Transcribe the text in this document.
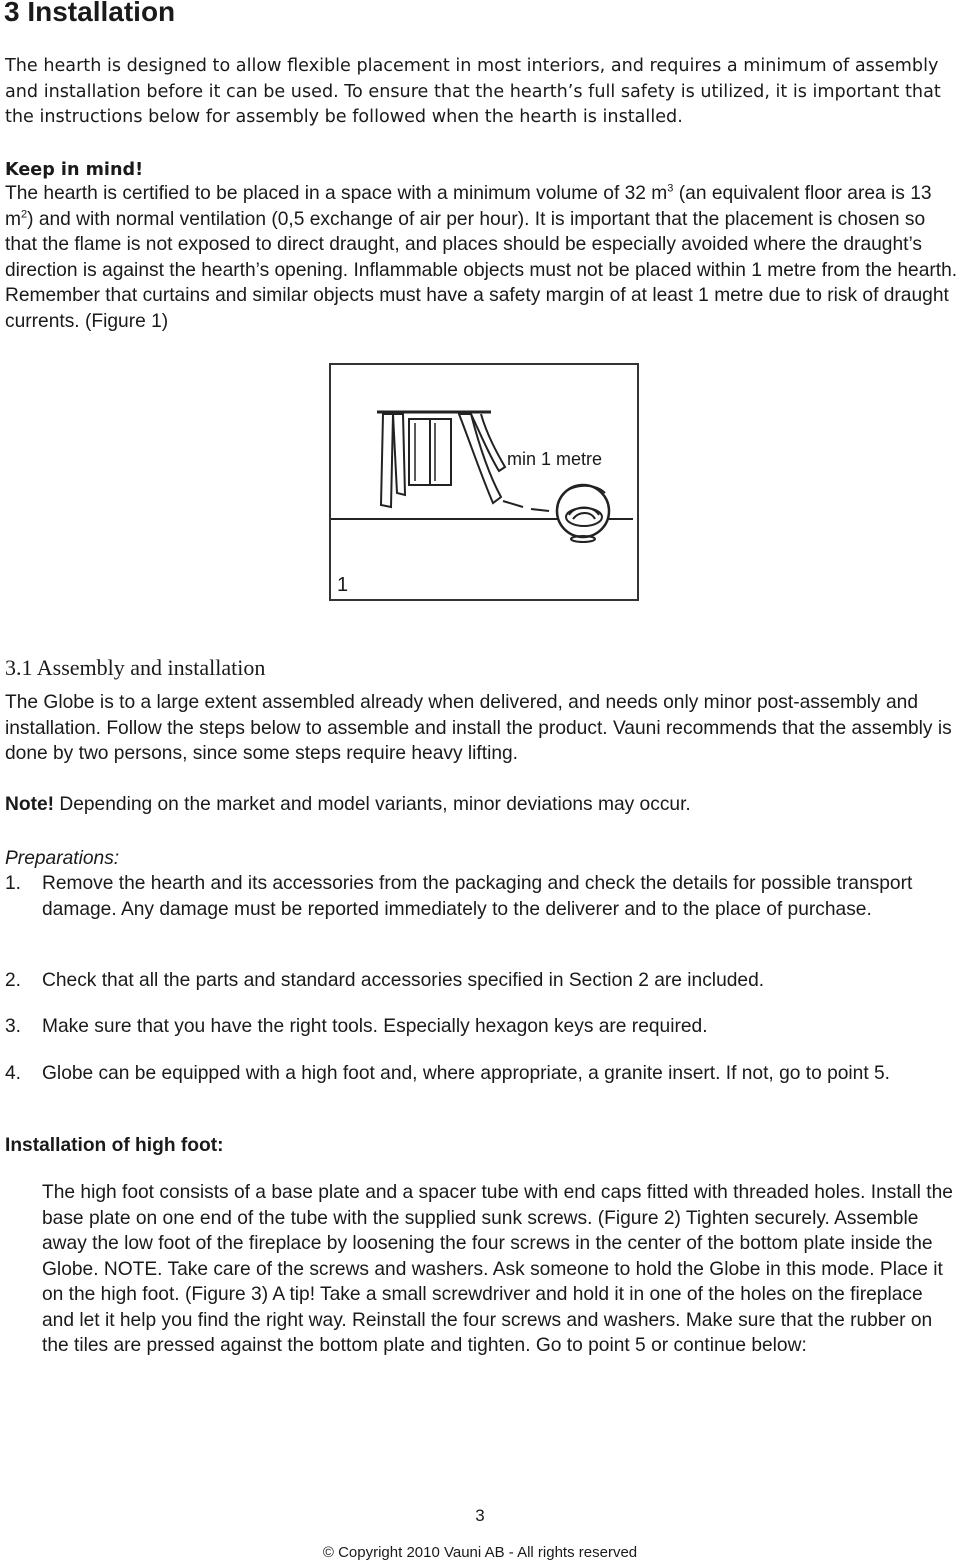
3 Installation

The hearth is designed to allow flexible placement in most interiors, and requires a minimum of assembly and installation before it can be used. To ensure that the hearth’s full safety is utilized, it is important that the instructions below for assembly be followed when the hearth is installed.

Keep in mind!

The hearth is certified to be placed in a space with a minimum volume of 32 $m^3$ (an equivalent floor area is 13 $m^2$) and with normal ventilation (0,5 exchange of air per hour). It is important that the placement is chosen so that the flame is not exposed to direct draught, and places should be especially avoided where the draught’s direction is against the hearth’s opening. Inflammable objects must not be placed within 1 metre from the hearth. Remember that curtains and similar objects must have a safety margin of at least 1 metre due to risk of draught currents. (Figure 1)

min 1 metre
1
3.1 Assembly and installation

The Globe is to a large extent assembled already when delivered, and needs only minor post-assembly and installation. Follow the steps below to assemble and install the product. Vauni recommends that the assembly is done by two persons, since some steps require heavy lifting.

Note! Depending on the market and model variants, minor deviations may occur.

Preparations:

1.	Remove the hearth and its accessories from the packaging and check the details for possible transport damage. Any damage must be reported immediately to the deliverer and to the place of purchase.
2.	Check that all the parts and standard accessories specified in Section 2 are included.
3.	Make sure that you have the right tools. Especially hexagon keys are required.
4.	Globe can be equipped with a high foot and, where appropriate, a granite insert. If not, go to point 5.

Installation of high foot:

The high foot consists of a base plate and a spacer tube with end caps fitted with threaded holes. Install the base plate on one end of the tube with the supplied sunk screws. (Figure 2) Tighten securely. Assemble away the low foot of the fireplace by loosening the four screws in the center of the bottom plate inside the Globe. NOTE. Take care of the screws and washers. Ask someone to hold the Globe in this mode. Place it on the high foot. (Figure 3) A tip! Take a small screwdriver and hold it in one of the holes on the fireplace and let it help you find the right way. Reinstall the four screws and washers. Make sure that the rubber on the tiles are pressed against the bottom plate and tighten. Go to point 5 or continue below:

3
© Copyright 2010 Vauni AB - All rights reserved
